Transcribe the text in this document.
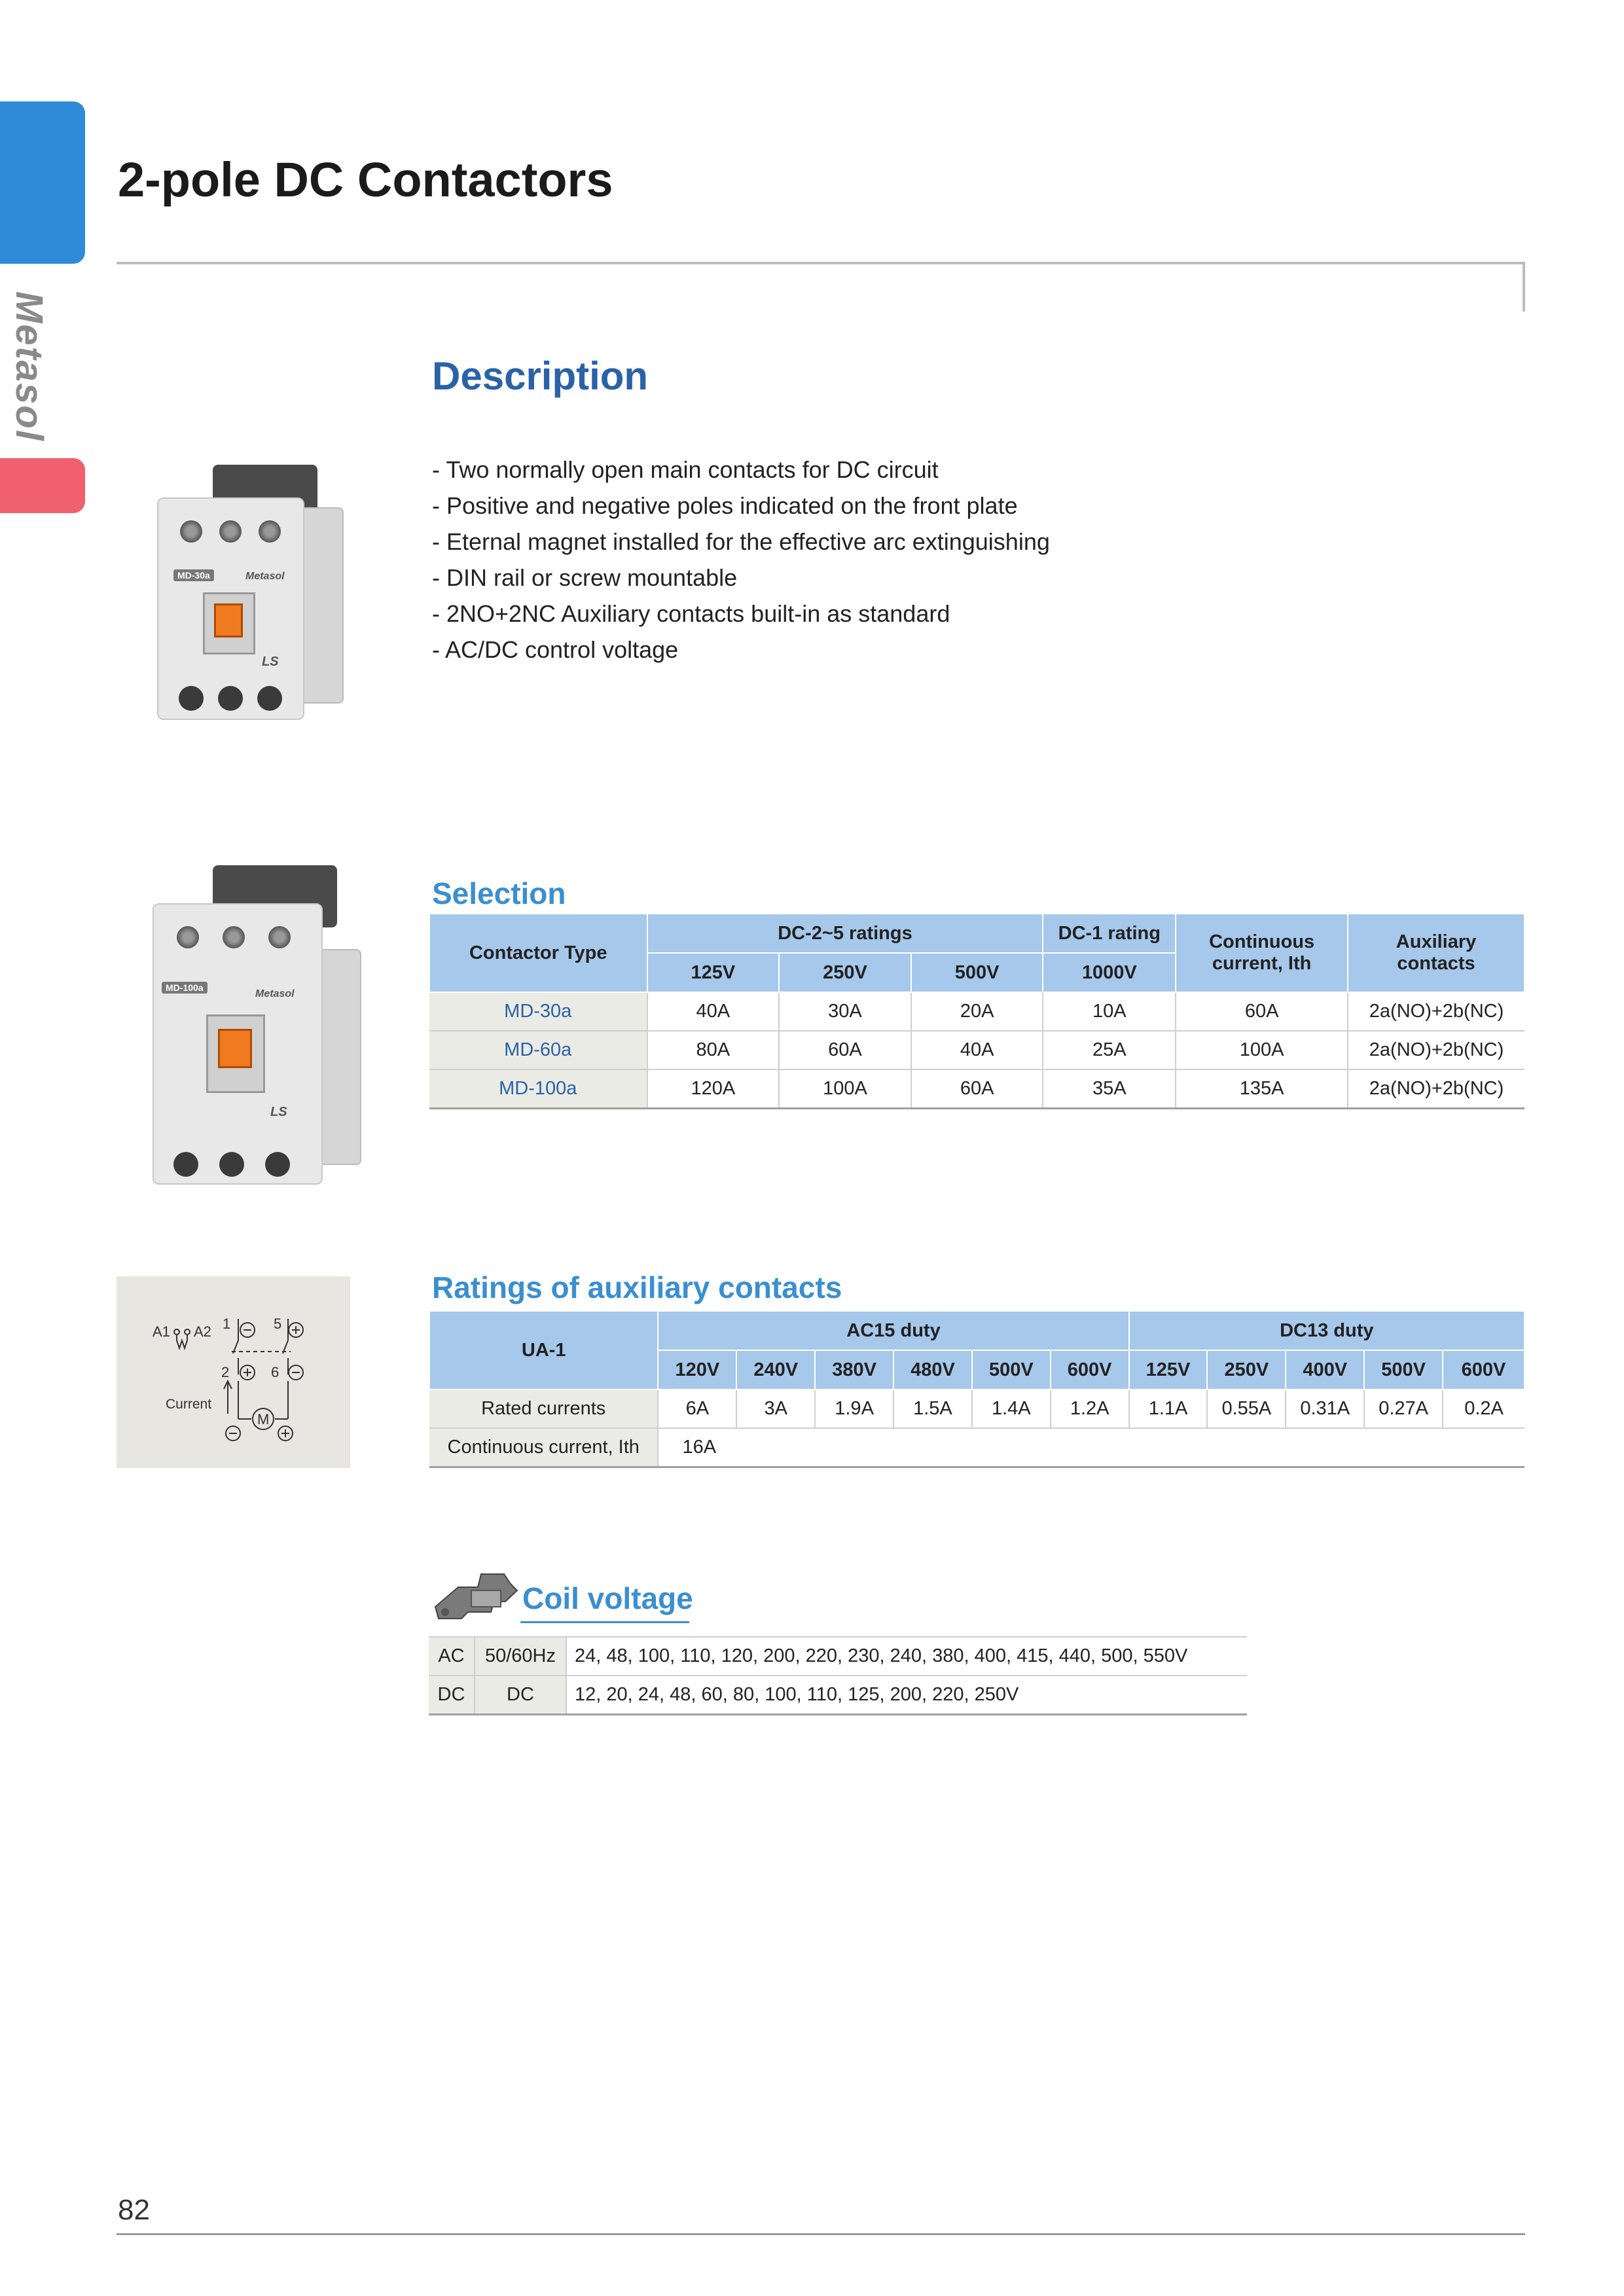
Metasol
2-pole DC Contactors
MD-30a	Metasol
LS
Description
- Two normally open main contacts for DC circuit
- Positive and negative poles indicated on the front plate
- Eternal magnet installed for the effective arc extinguishing
- DIN rail or screw mountable
- 2NO+2NC Auxiliary contacts built-in as standard
- AC/DC control voltage
MD-100a
Metasol
LS
Selection
Contactor Type	DC-2~5 ratings			DC-1 rating	Continuous current, Ith	Auxiliary contacts
	125V	250V	500V	1000V		
MD-30a	40A	30A	20A	10A	60A	2a(NO)+2b(NC)
MD-60a	80A	60A	40A	25A	100A	2a(NO)+2b(NC)
MD-100a	120A	100A	60A	35A	135A	2a(NO)+2b(NC)
A1 A2 1	5
2	6
M
Current
Ratings of auxiliary contacts
UA-1	AC15 duty						DC13 duty				
	120V	240V	380V	480V	500V	600V	125V	250V	400V	500V	600V
Rated currents	6A	3A	1.9A	1.5A	1.4A	1.2A	1.1A	0.55A	0.31A	0.27A	0.2A
Continuous current, Ith	16A										
Coil voltage
AC	50/60Hz	24, 48, 100, 110, 120, 200, 220, 230, 240, 380, 400, 415, 440, 500, 550V
DC	DC	12, 20, 24, 48, 60, 80, 100, 110, 125, 200, 220, 250V
82
